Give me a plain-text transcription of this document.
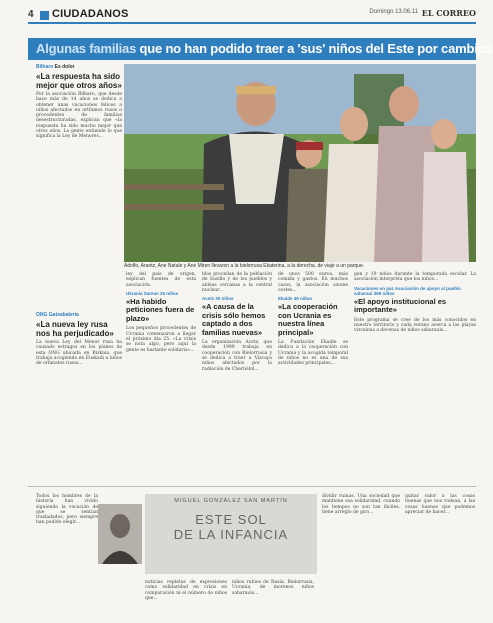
4 CIUDADANOS	Domingo 13.06.11 EL CORREO
Algunas familias que no han podido traer a 'sus' niños del Este por cambios
Bilbaro Es dolor
«La respuesta ha sido mejor que otros años»
Por la asociación Bilbaro, que desde hace más de 14 años se dedica a obtener unas vacaciones felices a niños afectados en ortfamos rusos o procedentes de familias desestructuradas, explican que «la respuesta ha sido mucho mejor que otros años. La gente entiende lo que significa la Ley de Menores...
Adolfo, Arantz, Ane Natale y Ane Miren llevaron a la bielorrusa Ekaterina, a la derecha, de viaje a un parque.
ONG Gatxabaleria
«La nueva ley rusa nos ha perjudicado»
La nueva Ley del Menor rusa ha causado estragos en los planes de esta ONG ubicada en Bizkaia, que trabaja acogiendo en Euskadi a niños de orfanatos rusos...
ley del país de origen, explican fuentes de esta asociación.
Ukrania Sarean 25 niños
«Ha habido peticiones fuera de plazo»
Los pequeños procedentes de Ucrania comenzaron a llegar el próximo día 25. «La crisis se nota algo, pero aquí la gente es bastante solidaria»...
blos procedan de la población de Susillo y de los pueblos y aldeas cercanas a la central nuclear...
Acetz 30 niños
«A causa de la crisis sólo hemos captado a dos familias nuevas»
La organización Acetz, que desde 1999 trabaja en cooperación con Bielorrusia y se dedica a traer a Vizcaya niños afectados por la radiación de Chernóbil...
de unos 500 euros, más comida y gastos. En muchos casos, la asociación asume costes...
Ekaide 49 niños
«La cooperación con Ucrania es nuestra línea principal»
La Fundación Ekaide se dedica a la cooperación con Ucrania y la acogida temporal de niños no es una de sus actividades principales...
gen y 19 niños durante la temporada escolar. La asociación interpreta que los niños...
Vacaciones en paz Asociación de apoyo al pueblo saharaui 369 niños
«El apoyo institucional es importante»
Este programa se cree de los más conocidos en nuestro territorio y cada verano acerca a las playas vizcaínas a decenas de niños saharauis...
Todos los hombres de la historia han vivido siguiendo la vocación de que se sentían trasladados, pero siempre han podido elegir...
MIGUEL GONZÁLEZ SAN MARTÍN
ESTE SOL
DE LA INFANCIA
noticias repletas de expresiones como solidaridad en crisis en comparación ni el número de niños que...
niños rubios de Rusia, Bielorrusia, Ucrania, de morenos niños saharauis...
dividir ruinas. Una sociedad que mantiene esa solidaridad, cuando los tiempos no son tan fáciles, tiene arreglo de giro...
quitar valor a las cosas buenas que nos rodean, a las cosas buenas que podemos apreciar de hacer...
